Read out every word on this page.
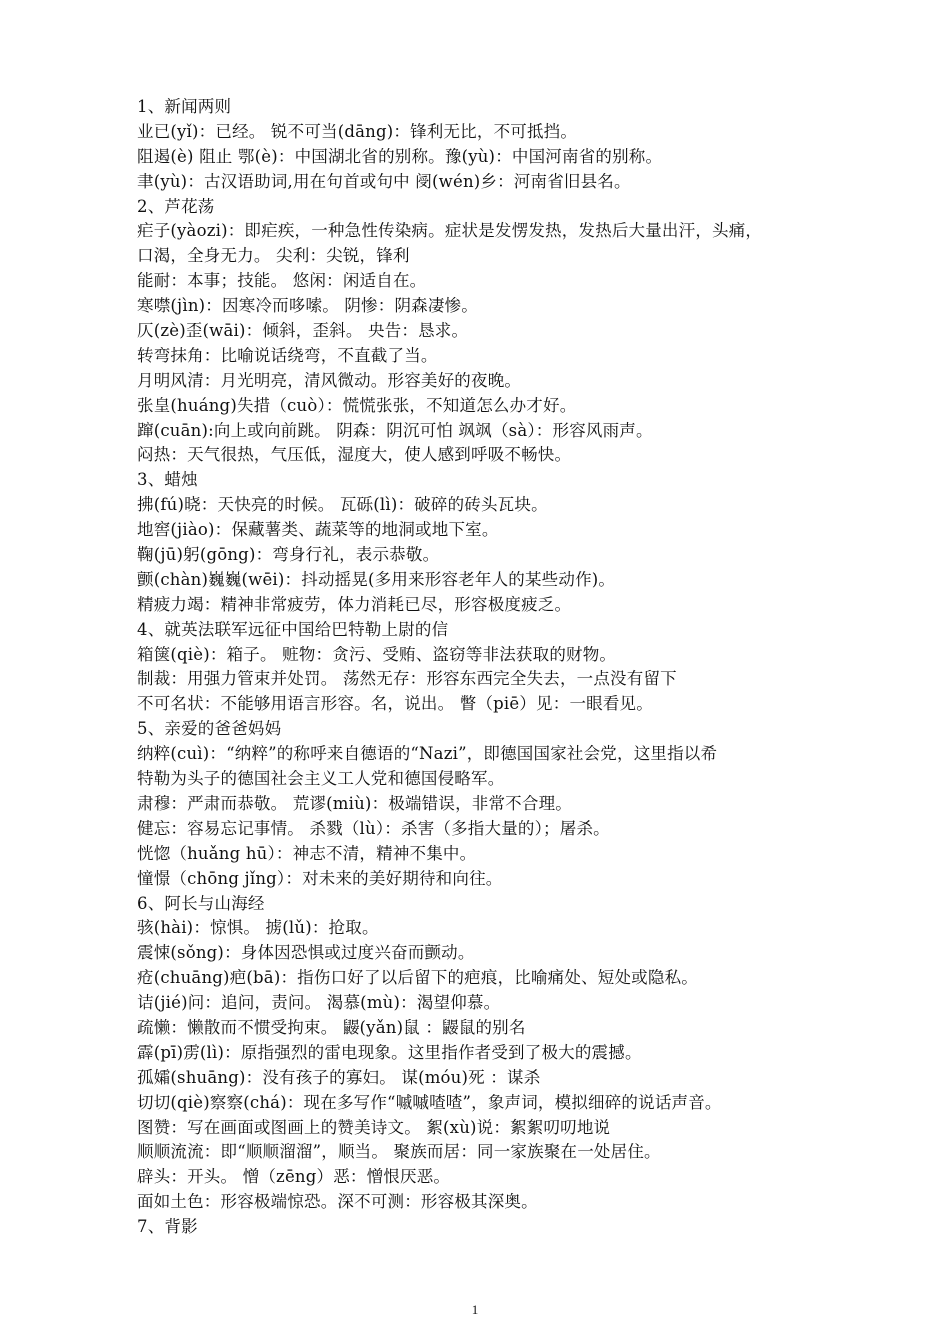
1、新闻两则
业已(yǐ)：已经。 锐不可当(dāng)：锋利无比，不可抵挡。
阻遏(è) 阻止 鄂(è)：中国湖北省的别称。豫(yù)：中国河南省的别称。
聿(yù)：古汉语助词,用在句首或句中 阌(wén)乡：河南省旧县名。
2、芦花荡
疟子(yàozi)：即疟疾，一种急性传染病。症状是发愣发热，发热后大量出汗，头痛，
口渴，全身无力。 尖利：尖锐，锋利
能耐：本事；技能。 悠闲：闲适自在。
寒噤(jìn)：因寒冷而哆嗦。 阴惨：阴森凄惨。
仄(zè)歪(wāi)：倾斜，歪斜。 央告：恳求。
转弯抹角：比喻说话绕弯，不直截了当。
月明风清：月光明亮，清风微动。形容美好的夜晚。
张皇(huáng)失措（cuò）：慌慌张张，不知道怎么办才好。
蹿(cuān):向上或向前跳。 阴森：阴沉可怕 飒飒（sà）：形容风雨声。
闷热：天气很热，气压低，湿度大，使人感到呼吸不畅快。
3、蜡烛
拂(fú)晓：天快亮的时候。 瓦砾(lì)：破碎的砖头瓦块。
地窖(jiào)：保藏薯类、蔬菜等的地洞或地下室。
鞠(jū)躬(gōng)：弯身行礼，表示恭敬。
颤(chàn)巍巍(wēi)：抖动摇晃(多用来形容老年人的某些动作)。
精疲力竭：精神非常疲劳，体力消耗已尽，形容极度疲乏。
4、就英法联军远征中国给巴特勒上尉的信
箱箧(qiè)：箱子。 赃物：贪污、受贿、盗窃等非法获取的财物。
制裁：用强力管束并处罚。 荡然无存：形容东西完全失去，一点没有留下
不可名状：不能够用语言形容。名，说出。 瞥（piē）见：一眼看见。
5、亲爱的爸爸妈妈
纳粹(cuì)：“纳粹”的称呼来自德语的“Nazi”，即德国国家社会党，这里指以希
特勒为头子的德国社会主义工人党和德国侵略军。
肃穆：严肃而恭敬。 荒谬(miù)：极端错误，非常不合理。
健忘：容易忘记事情。 杀戮（lù）：杀害（多指大量的）；屠杀。
恍惚（huǎng hū）：神志不清，精神不集中。
憧憬（chōng jǐng）：对未来的美好期待和向往。
6、阿长与山海经
骇(hài)：惊惧。 掳(lǔ)：抢取。
震悚(sǒng)：身体因恐惧或过度兴奋而颤动。
疮(chuāng)疤(bā)：指伤口好了以后留下的疤痕，比喻痛处、短处或隐私。
诘(jié)问：追问，责问。 渴慕(mù)：渴望仰慕。
疏懒：懒散而不惯受拘束。 鼹(yǎn)鼠 ：鼹鼠的别名
霹(pī)雳(lì)：原指强烈的雷电现象。这里指作者受到了极大的震撼。
孤孀(shuāng)：没有孩子的寡妇。 谋(móu)死 ：谋杀
切切(qiè)察察(chá)：现在多写作“嘁嘁喳喳”，象声词，模拟细碎的说话声音。
图赞：写在画面或图画上的赞美诗文。 絮(xù)说：絮絮叨叨地说
顺顺流流：即“顺顺溜溜”，顺当。 聚族而居：同一家族聚在一处居住。
辟头：开头。 憎（zēng）恶：憎恨厌恶。
面如土色：形容极端惊恐。深不可测：形容极其深奥。
7、背影
1
